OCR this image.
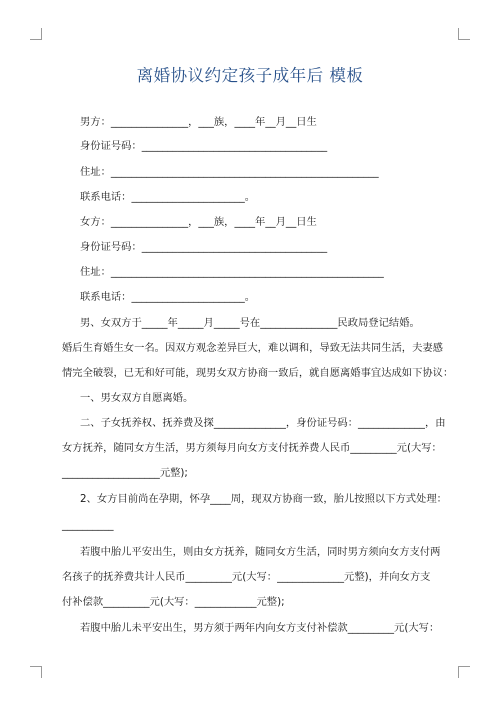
离婚协议约定孩子成年后 模板
男方：_______________，___族，____年__月__日生
身份证号码：____________________________________
住址：____________________________________________________
联系电话：______________________。
女方：_______________，___族，____年__月__日生
身份证号码：____________________________________
住址：_____________________________________________________
联系电话：______________________。
男、女双方于_____年_____月_____号在_______________民政局登记结婚。
婚后生育婚生女一名。因双方观念差异巨大，难以调和，导致无法共同生活，夫妻感
情完全破裂，已无和好可能，现男女双方协商一致后，就自愿离婚事宜达成如下协议：
一、男女双方自愿离婚。
二、子女抚养权、抚养费及探______________，身份证号码：_____________，由
女方抚养，随同女方生活，男方须每月向女方支付抚养费人民币_________元(大写：
___________________元整);
2、女方目前尚在孕期，怀孕____周，现双方协商一致，胎儿按照以下方式处理：
__________
若腹中胎儿平安出生，则由女方抚养，随同女方生活，同时男方须向女方支付两
名孩子的抚养费共计人民币_________元(大写：_____________元整)，并向女方支
付补偿款_________元(大写：____________元整);
若腹中胎儿未平安出生，男方须于两年内向女方支付补偿款_________元(大写：
